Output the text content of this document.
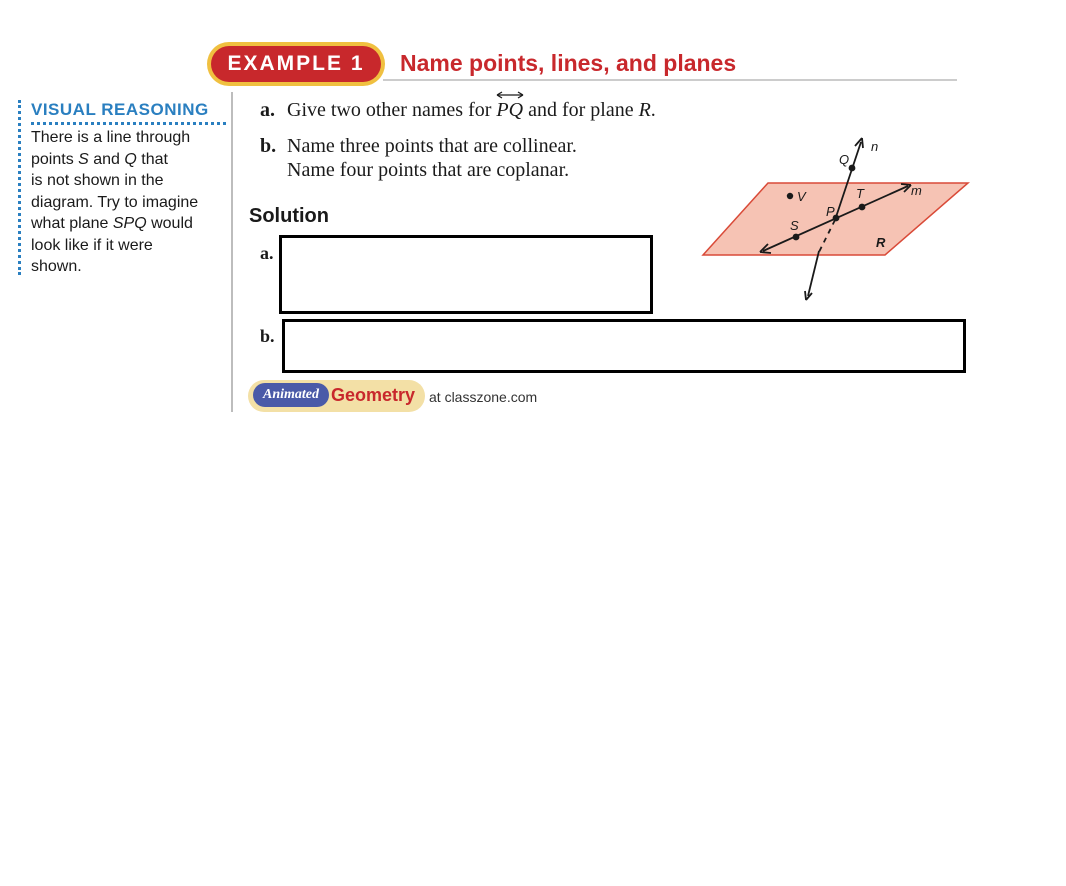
EXAMPLE 1	Name points, lines, and planes
VISUAL REASONING
There is a line through
points S and Q that
is not shown in the
diagram. Try to imagine
what plane SPQ would
look like if it were
shown.
a. Give two other names for
PQ and for plane R.
b. Name three points that are collinear.
Name four points that are coplanar.
Solution
a.
b.
Q
n
V	T	m
P
S
R
Animated Geometry at classzone.com
